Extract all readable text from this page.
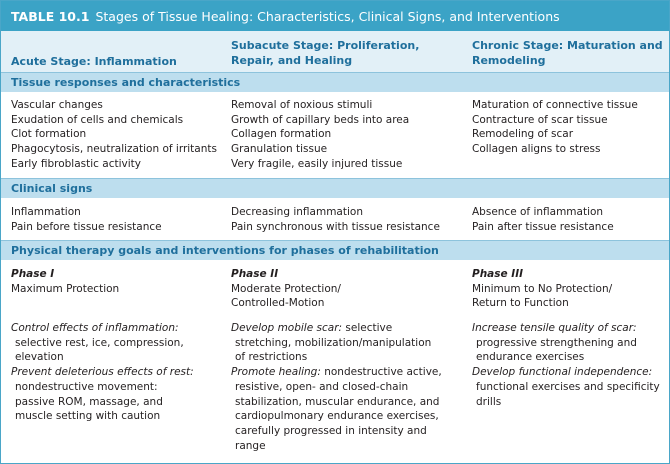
TABLE 10.1 Stages of Tissue Healing: Characteristics, Clinical Signs, and Interventions
Acute Stage: Inflammation
Subacute Stage: Proliferation,
Repair, and Healing
Chronic Stage: Maturation and
Remodeling
Tissue responses and characteristics
Vascular changes
Exudation of cells and chemicals
Clot formation
Phagocytosis, neutralization of irritants
Early fibroblastic activity
Removal of noxious stimuli
Growth of capillary beds into area
Collagen formation
Granulation tissue
Very fragile, easily injured tissue
Maturation of connective tissue
Contracture of scar tissue
Remodeling of scar
Collagen aligns to stress
Clinical signs
Inflammation
Pain before tissue resistance
Decreasing inflammation
Pain synchronous with tissue resistance
Absence of inflammation
Pain after tissue resistance
Physical therapy goals and interventions for phases of rehabilitation
Phase I
Maximum Protection
Phase II
Moderate Protection/
Controlled-Motion
Phase III
Minimum to No Protection/
Return to Function
Control effects of inflammation:
selective rest, ice, compression,
elevation
Prevent deleterious effects of rest:
nondestructive movement:
passive ROM, massage, and
muscle setting with caution
Develop mobile scar: selective
stretching, mobilization/manipulation
of restrictions
Promote healing: nondestructive active,
resistive, open- and closed-chain
stabilization, muscular endurance, and
cardiopulmonary endurance exercises,
carefully progressed in intensity and
range
Increase tensile quality of scar:
progressive strengthening and
endurance exercises
Develop functional independence:
functional exercises and specificity
drills
